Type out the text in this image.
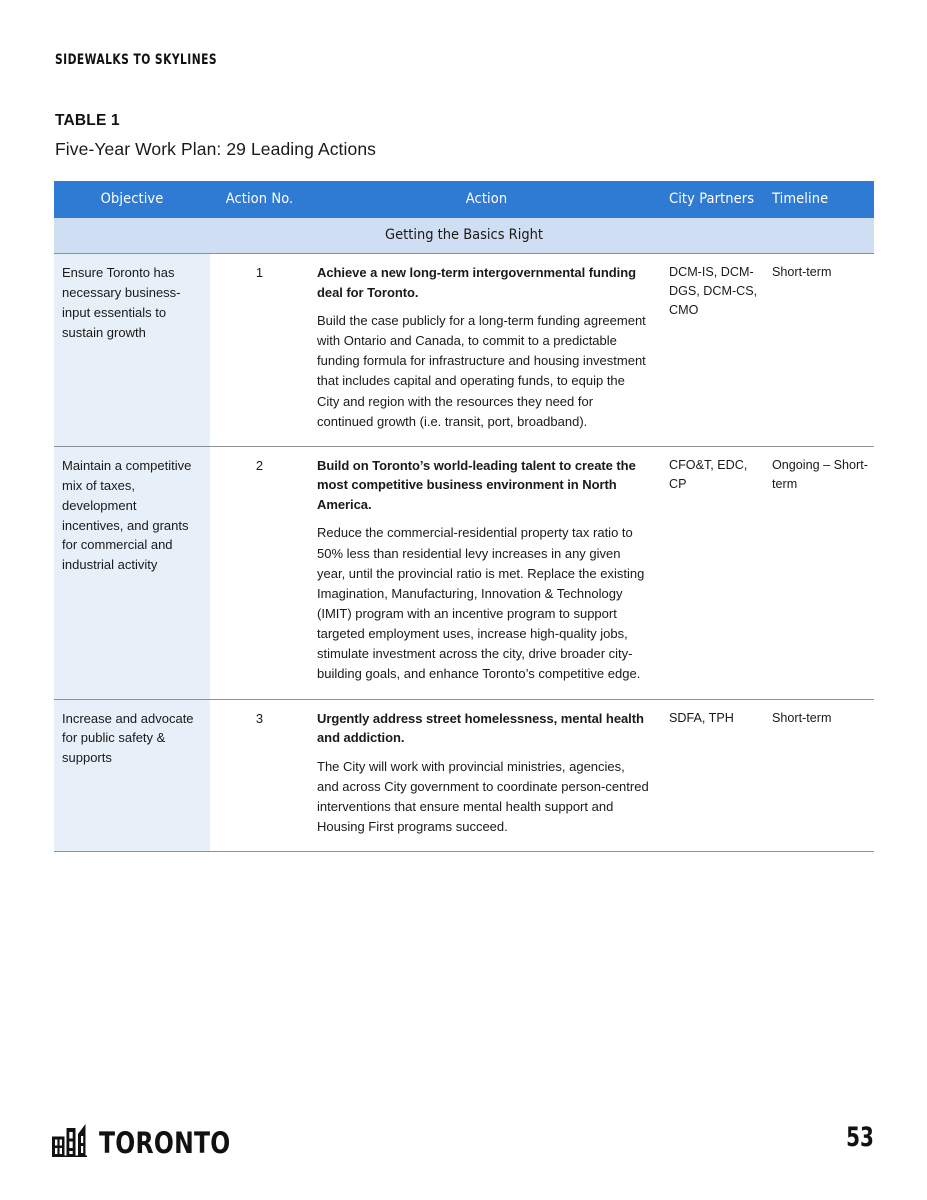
SIDEWALKS TO SKYLINES
TABLE 1
Five-Year Work Plan: 29 Leading Actions
Objective	Action No.	Action	City Partners	Timeline
Getting the Basics Right				
Ensure Toronto has necessary business-input essentials to sustain growth	1	Achieve a new long-term intergovernmental funding deal for Toronto.

Build the case publicly for a long-term funding agreement with Ontario and Canada, to commit to a predictable funding formula for infrastructure and housing investment that includes capital and operating funds, to equip the City and region with the resources they need for continued growth (i.e. transit, port, broadband).	DCM-IS, DCM-DGS, DCM-CS, CMO	Short-term
Maintain a competitive mix of taxes, development incentives, and grants for commercial and industrial activity	2	Build on Toronto’s world-leading talent to create the most competitive business environment in North America.

Reduce the commercial-residential property tax ratio to 50% less than residential levy increases in any given year, until the provincial ratio is met. Replace the existing Imagination, Manufacturing, Innovation & Technology (IMIT) program with an incentive program to support targeted employment uses, increase high-quality jobs, stimulate investment across the city, drive broader city-building goals, and enhance Toronto’s competitive edge.	CFO&T, EDC, CP	Ongoing – Short-term
Increase and advocate for public safety & supports	3	Urgently address street homelessness, mental health and addiction.

The City will work with provincial ministries, agencies, and across City government to coordinate person-centred interventions that ensure mental health support and Housing First programs succeed.	SDFA, TPH	Short-term
TORONTO	53
